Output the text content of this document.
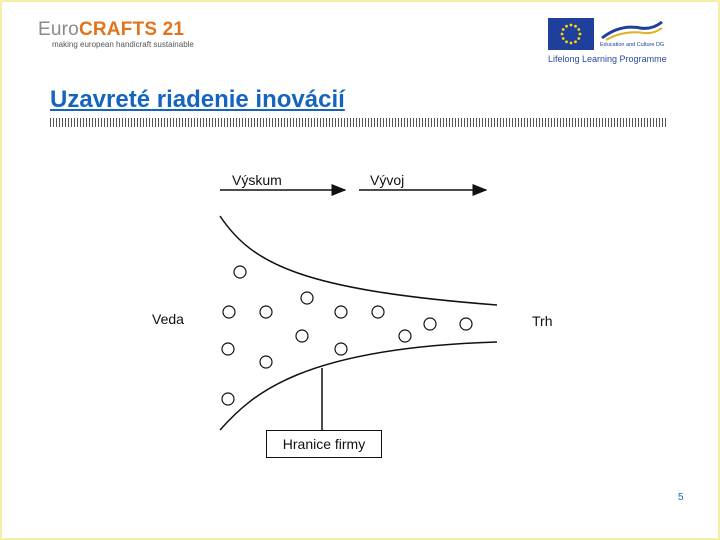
EuroCRAFTS 21
making european handicraft sustainable	Education and Culture DG
Lifelong Learning Programme
Uzavreté riadenie inovácií
Výskum	Vývoj
Veda	Trh
Hranice firmy
5
